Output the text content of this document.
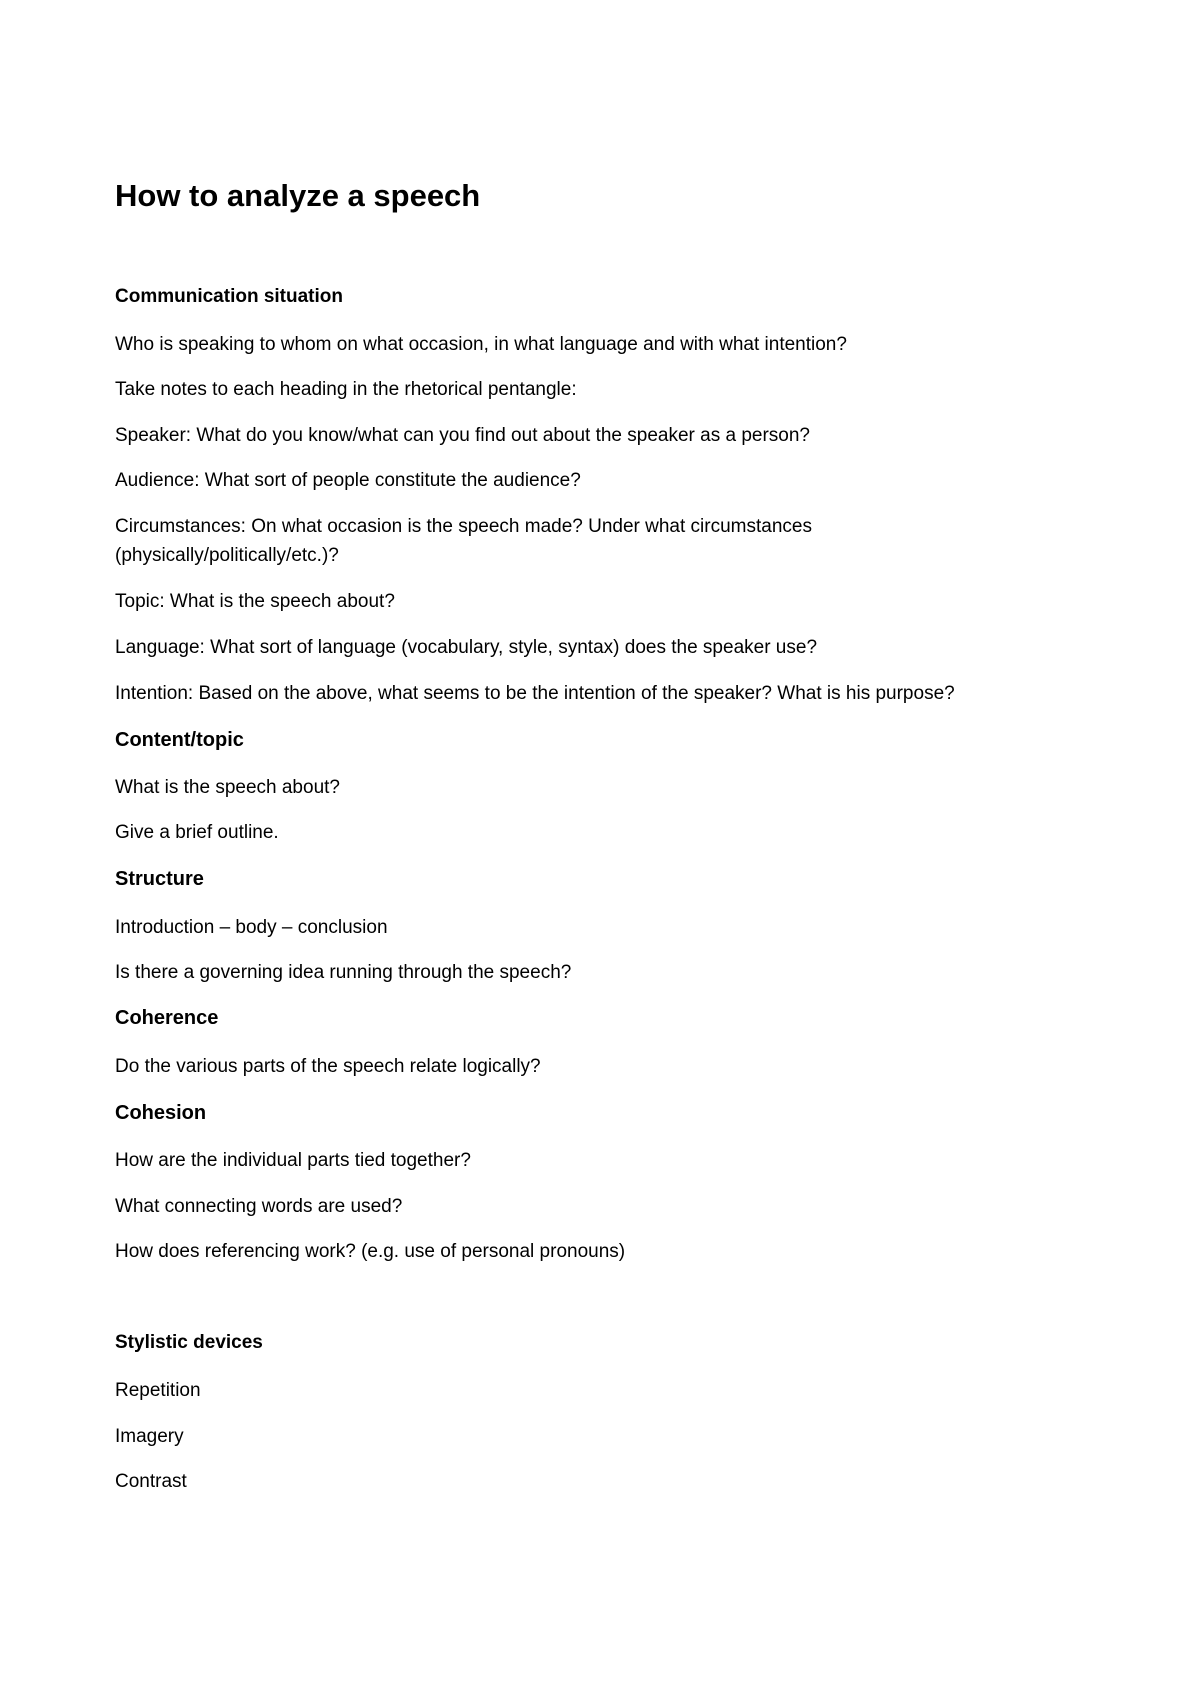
How to analyze a speech
Communication situation
Who is speaking to whom on what occasion, in what language and with what intention?
Take notes to each heading in the rhetorical pentangle:
Speaker: What do you know/what can you find out about the speaker as a person?
Audience: What sort of people constitute the audience?
Circumstances: On what occasion is the speech made? Under what circumstances
(physically/politically/etc.)?
Topic: What is the speech about?
Language: What sort of language (vocabulary, style, syntax) does the speaker use?
Intention: Based on the above, what seems to be the intention of the speaker? What is his purpose?
Content/topic
What is the speech about?
Give a brief outline.
Structure
Introduction – body – conclusion
Is there a governing idea running through the speech?
Coherence
Do the various parts of the speech relate logically?
Cohesion
How are the individual parts tied together?
What connecting words are used?
How does referencing work? (e.g. use of personal pronouns)
Stylistic devices
Repetition
Imagery
Contrast
